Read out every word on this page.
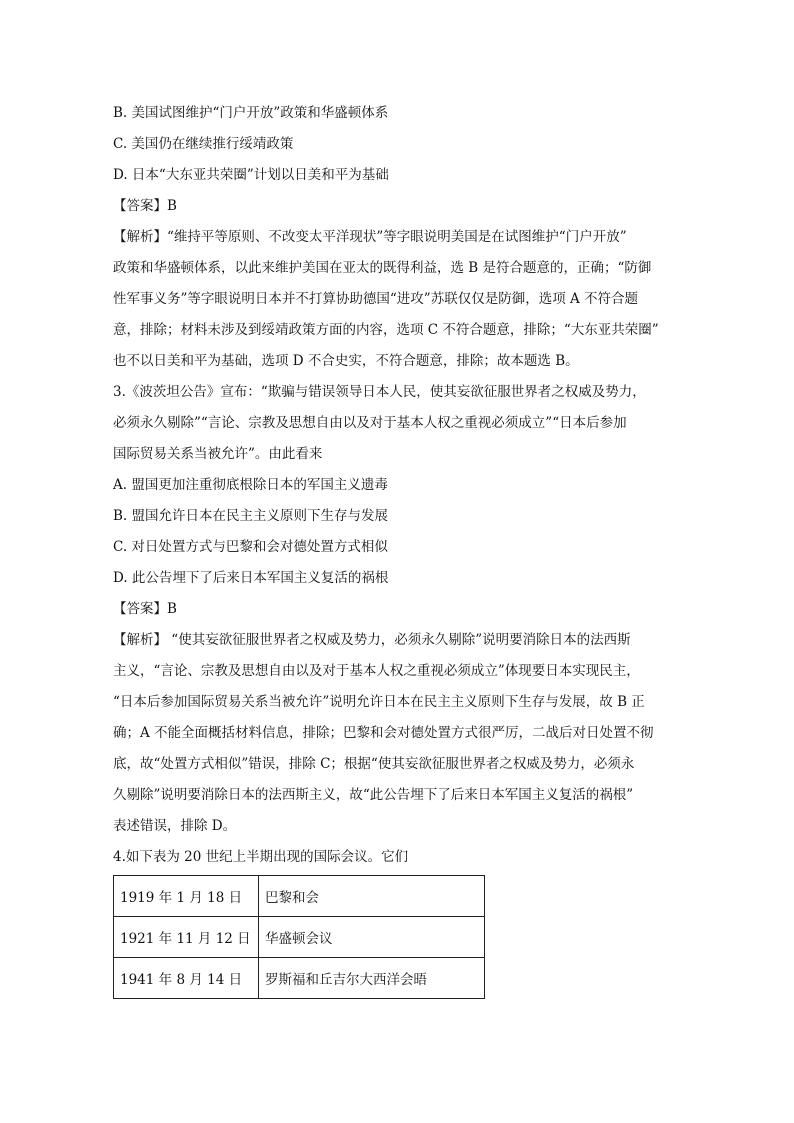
B. 美国试图维护“门户开放”政策和华盛顿体系
C. 美国仍在继续推行绥靖政策
D. 日本“大东亚共荣圈”计划以日美和平为基础
【答案】B
【解析】“维持平等原则、不改变太平洋现状”等字眼说明美国是在试图维护“门户开放”
政策和华盛顿体系，以此来维护美国在亚太的既得利益，选 B 是符合题意的，正确；“防御
性军事义务”等字眼说明日本并不打算协助德国“进攻”苏联仅仅是防御，选项 A 不符合题
意，排除；材料未涉及到绥靖政策方面的内容，选项 C 不符合题意，排除；“大东亚共荣圈”
也不以日美和平为基础，选项 D 不合史实，不符合题意，排除；故本题选 B。
3.《波茨坦公告》宣布：“欺骗与错误领导日本人民，使其妄欲征服世界者之权威及势力，
必须永久剔除”“言论、宗教及思想自由以及对于基本人权之重视必须成立”“日本后参加
国际贸易关系当被允许”。由此看来
A. 盟国更加注重彻底根除日本的军国主义遗毒
B. 盟国允许日本在民主主义原则下生存与发展
C. 对日处置方式与巴黎和会对德处置方式相似
D. 此公告埋下了后来日本军国主义复活的祸根
【答案】B
【解析】 “使其妄欲征服世界者之权威及势力，必须永久剔除”说明要消除日本的法西斯
主义，“言论、宗教及思想自由以及对于基本人权之重视必须成立”体现要日本实现民主，
“日本后参加国际贸易关系当被允许”说明允许日本在民主主义原则下生存与发展，故 B 正
确；A 不能全面概括材料信息，排除；巴黎和会对德处置方式很严厉，二战后对日处置不彻
底，故“处置方式相似”错误，排除 C；根据“使其妄欲征服世界者之权威及势力，必须永
久剔除”说明要消除日本的法西斯主义，故“此公告埋下了后来日本军国主义复活的祸根”
表述错误，排除 D。
4.如下表为 20 世纪上半期出现的国际会议。它们
1919 年 1 月 18 日	巴黎和会
1921 年 11 月 12 日	华盛顿会议
1941 年 8 月 14 日	罗斯福和丘吉尔大西洋会晤
